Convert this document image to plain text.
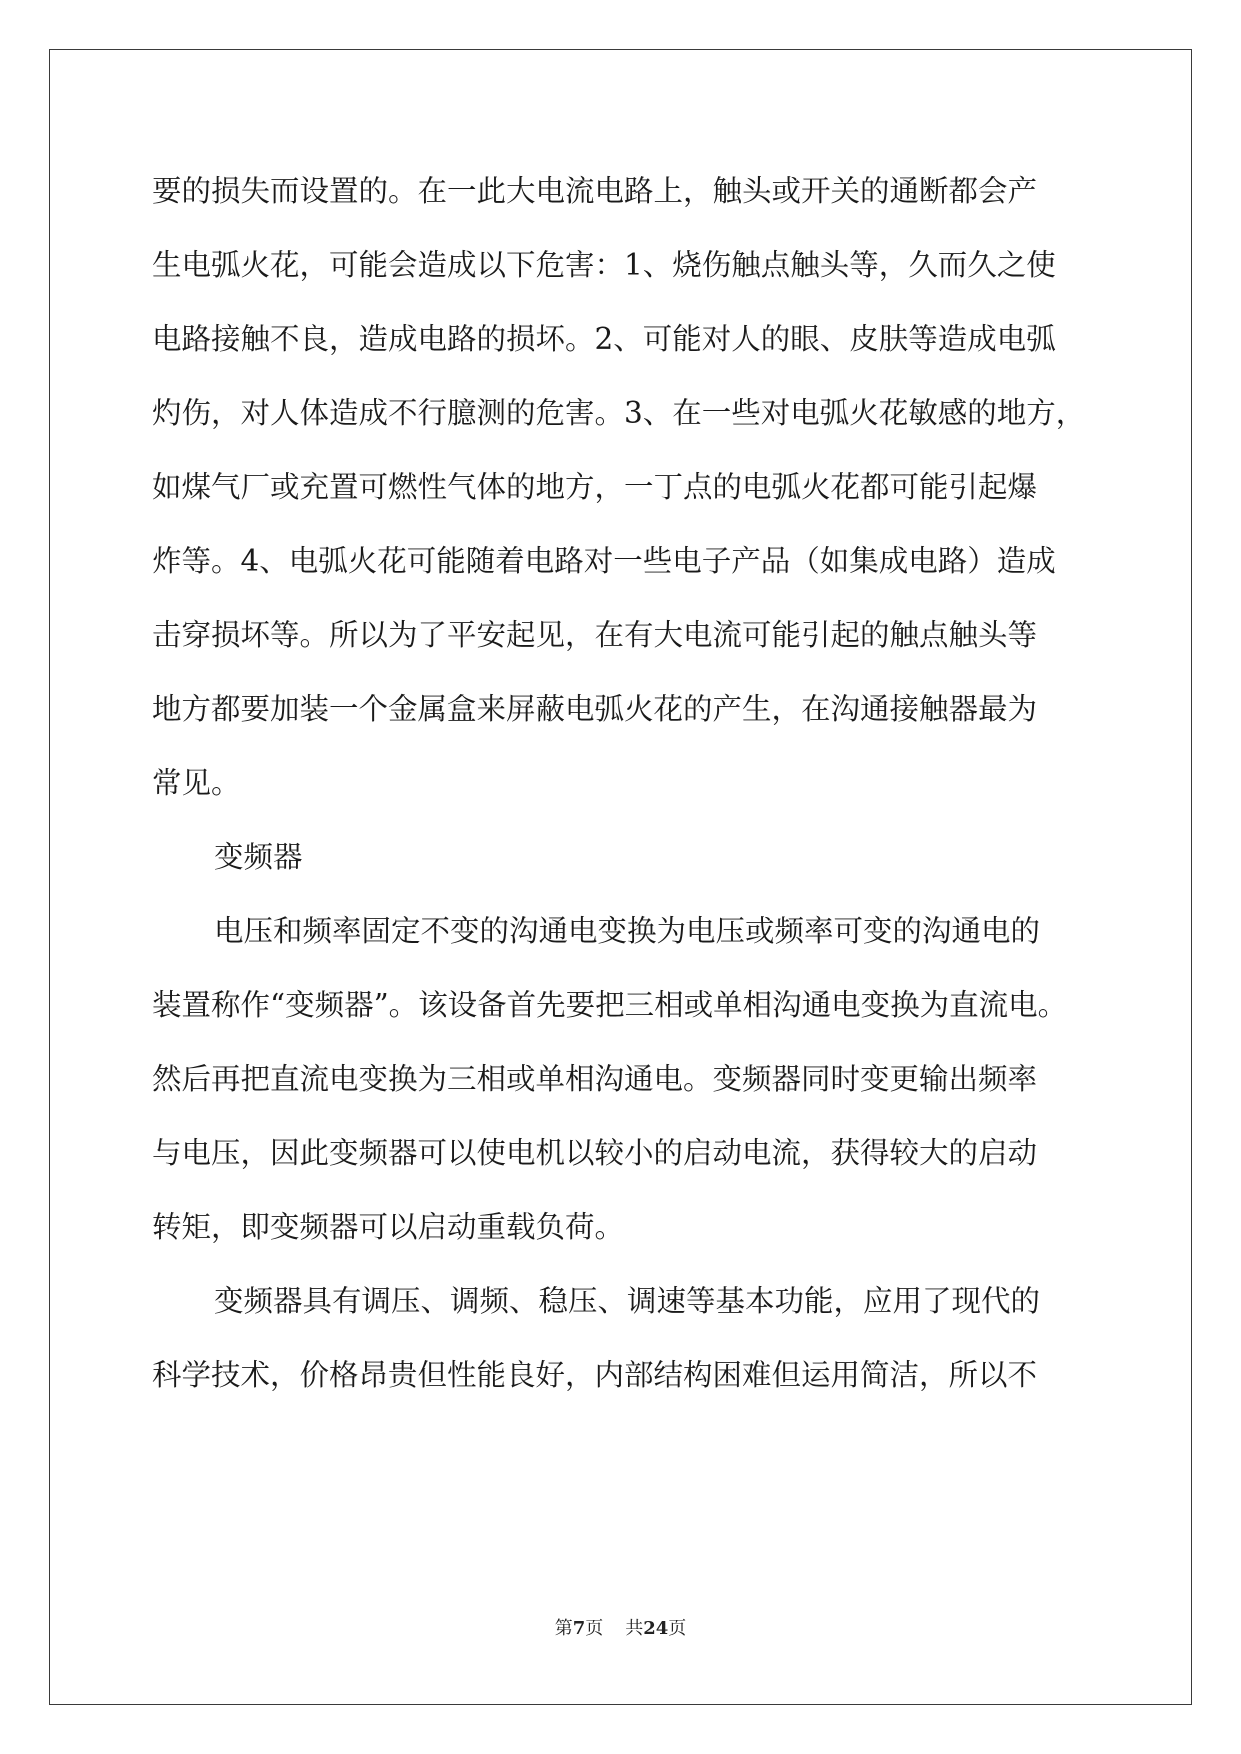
要的损失而设置的。在一此大电流电路上，触头或开关的通断都会产
生电弧火花，可能会造成以下危害：1、烧伤触点触头等，久而久之使
电路接触不良，造成电路的损坏。2、可能对人的眼、皮肤等造成电弧
灼伤，对人体造成不行臆测的危害。3、在一些对电弧火花敏感的地方，
如煤气厂或充置可燃性气体的地方，一丁点的电弧火花都可能引起爆
炸等。4、电弧火花可能随着电路对一些电子产品（如集成电路）造成
击穿损坏等。所以为了平安起见，在有大电流可能引起的触点触头等
地方都要加装一个金属盒来屏蔽电弧火花的产生，在沟通接触器最为
常见。
变频器
电压和频率固定不变的沟通电变换为电压或频率可变的沟通电的
装置称作“变频器”。该设备首先要把三相或单相沟通电变换为直流电。
然后再把直流电变换为三相或单相沟通电。变频器同时变更输出频率
与电压，因此变频器可以使电机以较小的启动电流，获得较大的启动
转矩，即变频器可以启动重载负荷。
变频器具有调压、调频、稳压、调速等基本功能，应用了现代的
科学技术，价格昂贵但性能良好，内部结构困难但运用简洁，所以不
第7页 共24页
